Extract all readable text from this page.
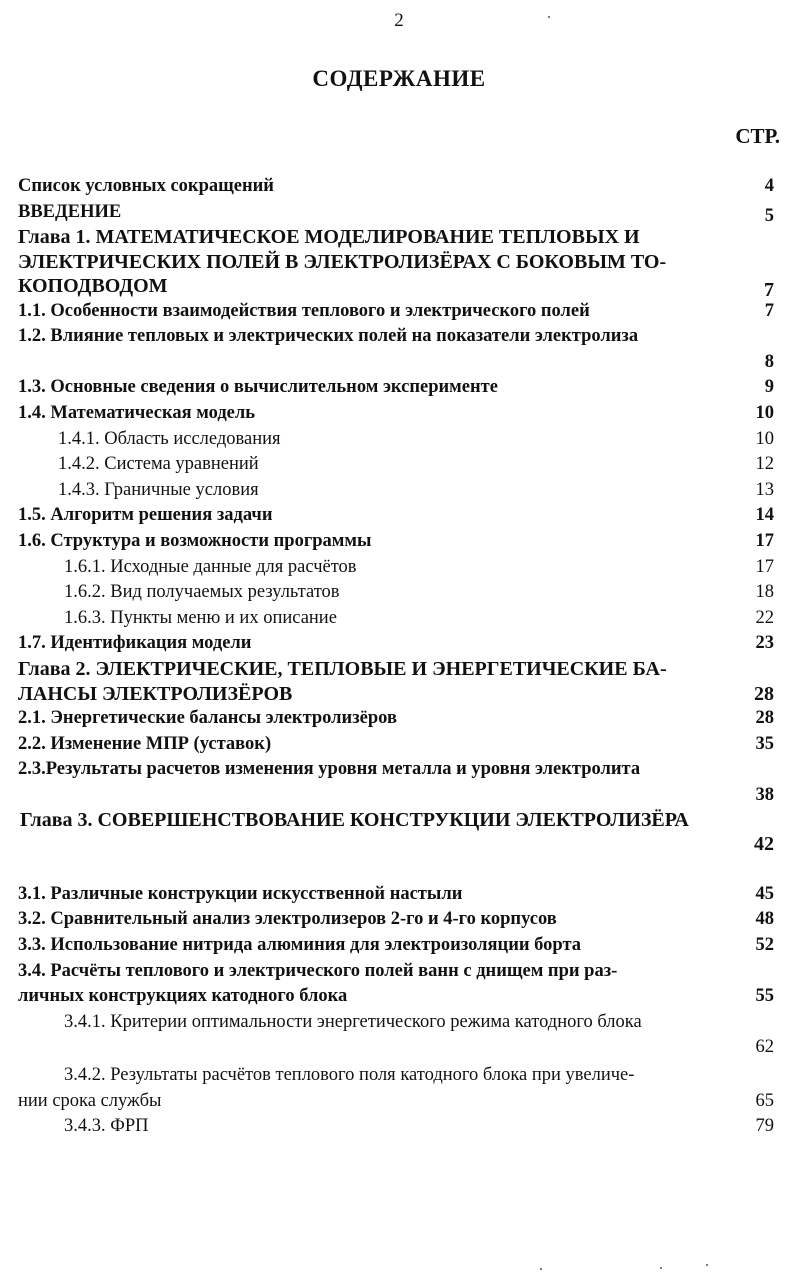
2
СОДЕРЖАНИЕ
СТР.
Список условных сокращений	4
ВВЕДЕНИЕ	5
Глава 1. МАТЕМАТИЧЕСКОЕ МОДЕЛИРОВАНИЕ ТЕПЛОВЫХ И
ЭЛЕКТРИЧЕСКИХ ПОЛЕЙ В ЭЛЕКТРОЛИЗЁРАХ С БОКОВЫМ ТО-
КОПОДВОДОМ	7
1.1. Особенности взаимодействия теплового и электрического полей	7
1.2. Влияние тепловых и электрических полей на показатели электролиза
8
1.3. Основные сведения о вычислительном эксперименте	9
1.4. Математическая модель	10
1.4.1. Область исследования	10
1.4.2. Система уравнений	12
1.4.3. Граничные условия	13
1.5. Алгоритм решения задачи	14
1.6. Структура и возможности программы	17
1.6.1. Исходные данные для расчётов	17
1.6.2. Вид получаемых результатов	18
1.6.3. Пункты меню и их описание	22
1.7. Идентификация модели	23
Глава 2. ЭЛЕКТРИЧЕСКИЕ, ТЕПЛОВЫЕ И ЭНЕРГЕТИЧЕСКИЕ БА-
ЛАНСЫ ЭЛЕКТРОЛИЗЁРОВ	28
2.1. Энергетические балансы электролизёров	28
2.2. Изменение МПР (уставок)	35
2.3.Результаты расчетов изменения уровня металла и уровня электролита
38
Глава 3. СОВЕРШЕНСТВОВАНИЕ КОНСТРУКЦИИ ЭЛЕКТРОЛИЗЁРА
42
3.1. Различные конструкции искусственной настыли	45
3.2. Сравнительный анализ электролизеров 2-го и 4-го корпусов	48
3.3. Использование нитрида алюминия для электроизоляции борта	52
3.4. Расчёты теплового и электрического полей ванн с днищем при раз-
личных конструкциях катодного блока	55
3.4.1. Критерии оптимальности энергетического режима катодного блока
62
3.4.2. Результаты расчётов теплового поля катодного блока при увеличе-
нии срока службы	65
3.4.3. ФРП	79
